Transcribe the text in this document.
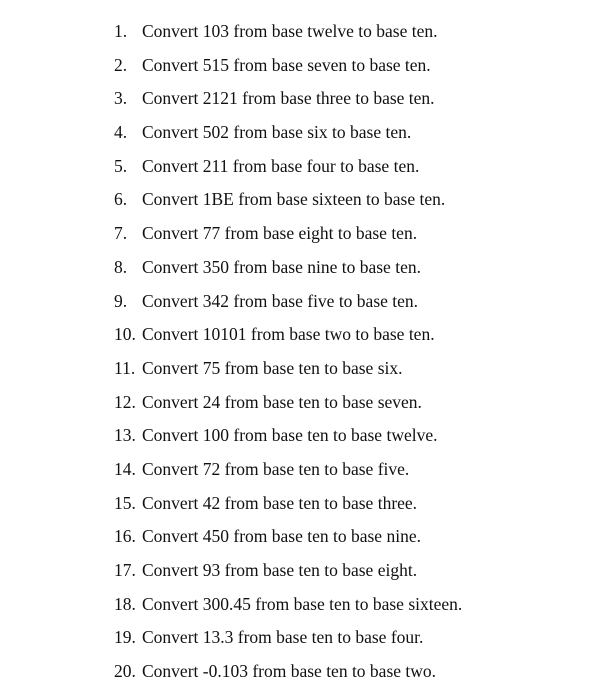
1. Convert 103 from base twelve to base ten.
2. Convert 515 from base seven to base ten.
3. Convert 2121 from base three to base ten.
4. Convert 502 from base six to base ten.
5. Convert 211 from base four to base ten.
6. Convert 1BE from base sixteen to base ten.
7. Convert 77 from base eight to base ten.
8. Convert 350 from base nine to base ten.
9. Convert 342 from base five to base ten.
10. Convert 10101 from base two to base ten.
11. Convert 75 from base ten to base six.
12. Convert 24 from base ten to base seven.
13. Convert 100 from base ten to base twelve.
14. Convert 72 from base ten to base five.
15. Convert 42 from base ten to base three.
16. Convert 450 from base ten to base nine.
17. Convert 93 from base ten to base eight.
18. Convert 300.45 from base ten to base sixteen.
19. Convert 13.3 from base ten to base four.
20. Convert -0.103 from base ten to base two.
